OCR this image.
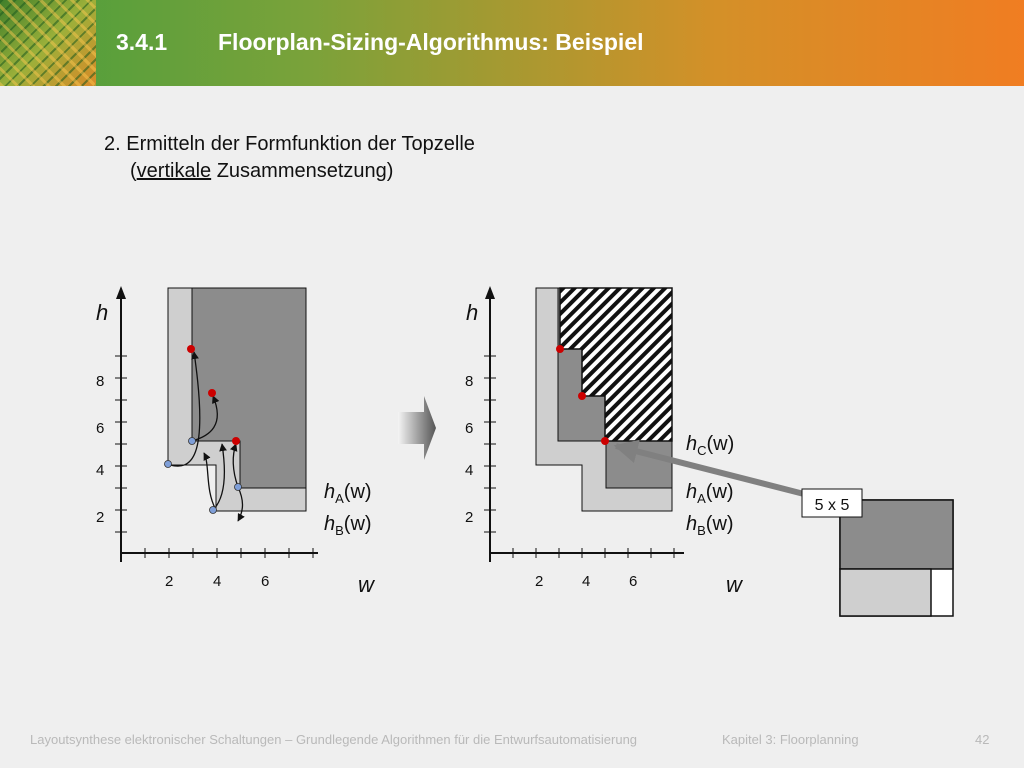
3.4.1 Floorplan-Sizing-Algorithmus: Beispiel

2. Ermitteln der Formfunktion der Topzelle
(vertikale Zusammensetzung)

h
w
8
6
4
2
2	4	6
$h_A(w)$
$h_B(w)$
h
w
8
6
4
2
2	4	6
$h_C(w)$
$h_A(w)$
$h_B(w)$
5 x 5
Layoutsynthese elektronischer Schaltungen – Grundlegende Algorithmen für die Entwurfsautomatisierung	Kapitel 3: Floorplanning	42
